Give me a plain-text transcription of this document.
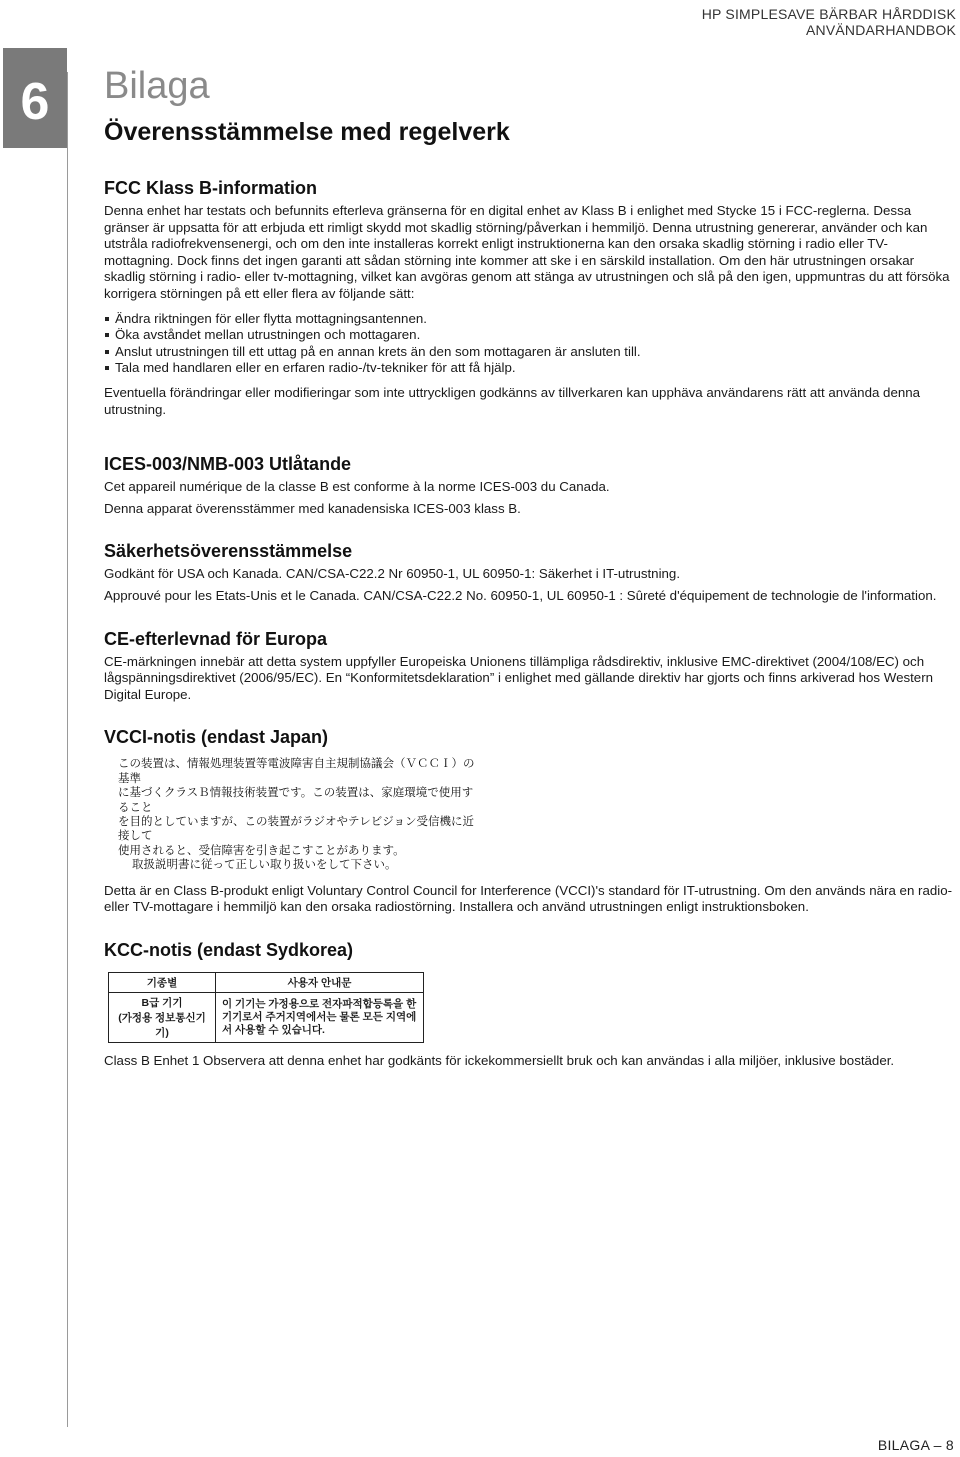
HP SIMPLESAVE BÄRBAR HÅRDDISK
ANVÄNDARHANDBOK
6 Bilaga
Överensstämmelse med regelverk
FCC Klass B-information

Denna enhet har testats och befunnits efterleva gränserna för en digital enhet av Klass B i enlighet med Stycke 15 i FCC-reglerna. Dessa gränser är uppsatta för att erbjuda ett rimligt skydd mot skadlig störning/påverkan i hemmiljö. Denna utrustning genererar, använder och kan utstråla radiofrekvensenergi, och om den inte installeras korrekt enligt instruktionerna kan den orsaka skadlig störning i radio eller TV-mottagning. Dock finns det ingen garanti att sådan störning inte kommer att ske i en särskild installation. Om den här utrustningen orsakar skadlig störning i radio- eller tv-mottagning, vilket kan avgöras genom att stänga av utrustningen och slå på den igen, uppmuntras du att försöka korrigera störningen på ett eller flera av följande sätt:

Ändra riktningen för eller flytta mottagningsantennen.
Öka avståndet mellan utrustningen och mottagaren.
Anslut utrustningen till ett uttag på en annan krets än den som mottagaren är ansluten till.
Tala med handlaren eller en erfaren radio-/tv-tekniker för att få hjälp.

Eventuella förändringar eller modifieringar som inte uttryckligen godkänns av tillverkaren kan upphäva användarens rätt att använda denna utrustning.

ICES-003/NMB-003 Utlåtande

Cet appareil numérique de la classe B est conforme à la norme ICES-003 du Canada.

Denna apparat överensstämmer med kanadensiska ICES-003 klass B.

Säkerhetsöverensstämmelse

Godkänt för USA och Kanada. CAN/CSA-C22.2 Nr 60950-1, UL 60950-1: Säkerhet i IT-utrustning.

Approuvé pour les Etats-Unis et le Canada. CAN/CSA-C22.2 No. 60950-1, UL 60950-1 : Sûreté d'équipement de technologie de l'information.

CE-efterlevnad för Europa

CE-märkningen innebär att detta system uppfyller Europeiska Unionens tillämpliga rådsdirektiv, inklusive EMC-direktivet (2004/108/EC) och lågspänningsdirektivet (2006/95/EC). En “Konformitetsdeklaration” i enlighet med gällande direktiv har gjorts och finns arkiverad hos Western Digital Europe.

VCCI-notis (endast Japan)
この装置は、情報処理装置等電波障害自主規制協議会（ＶＣＣＩ）の基準
に基づくクラスＢ情報技術装置です。この装置は、家庭環境で使用すること
を目的としていますが、この装置がラジオやテレビジョン受信機に近接して
使用されると、受信障害を引き起こすことがあります。
取扱説明書に従って正しい取り扱いをして下さい。

Detta är en Class B-produkt enligt Voluntary Control Council for Interference (VCCI)'s standard för IT-utrustning. Om den används nära en radio- eller TV-mottagare i hemmiljö kan den orsaka radiostörning. Installera och använd utrustningen enligt instruktionsboken.

KCC-notis (endast Sydkorea)
기종별	사용자 안내문

B급 기기
(가정용 정보통신기기)	이 기기는 가정용으로 전자파적합등록을 한 기기로서 주거지역에서는 물론 모든 지역에서 사용할 수 있습니다.

Class B Enhet 1 Observera att denna enhet har godkänts för ickekommersiellt bruk och kan användas i alla miljöer, inklusive bostäder.

BILAGA – 8
